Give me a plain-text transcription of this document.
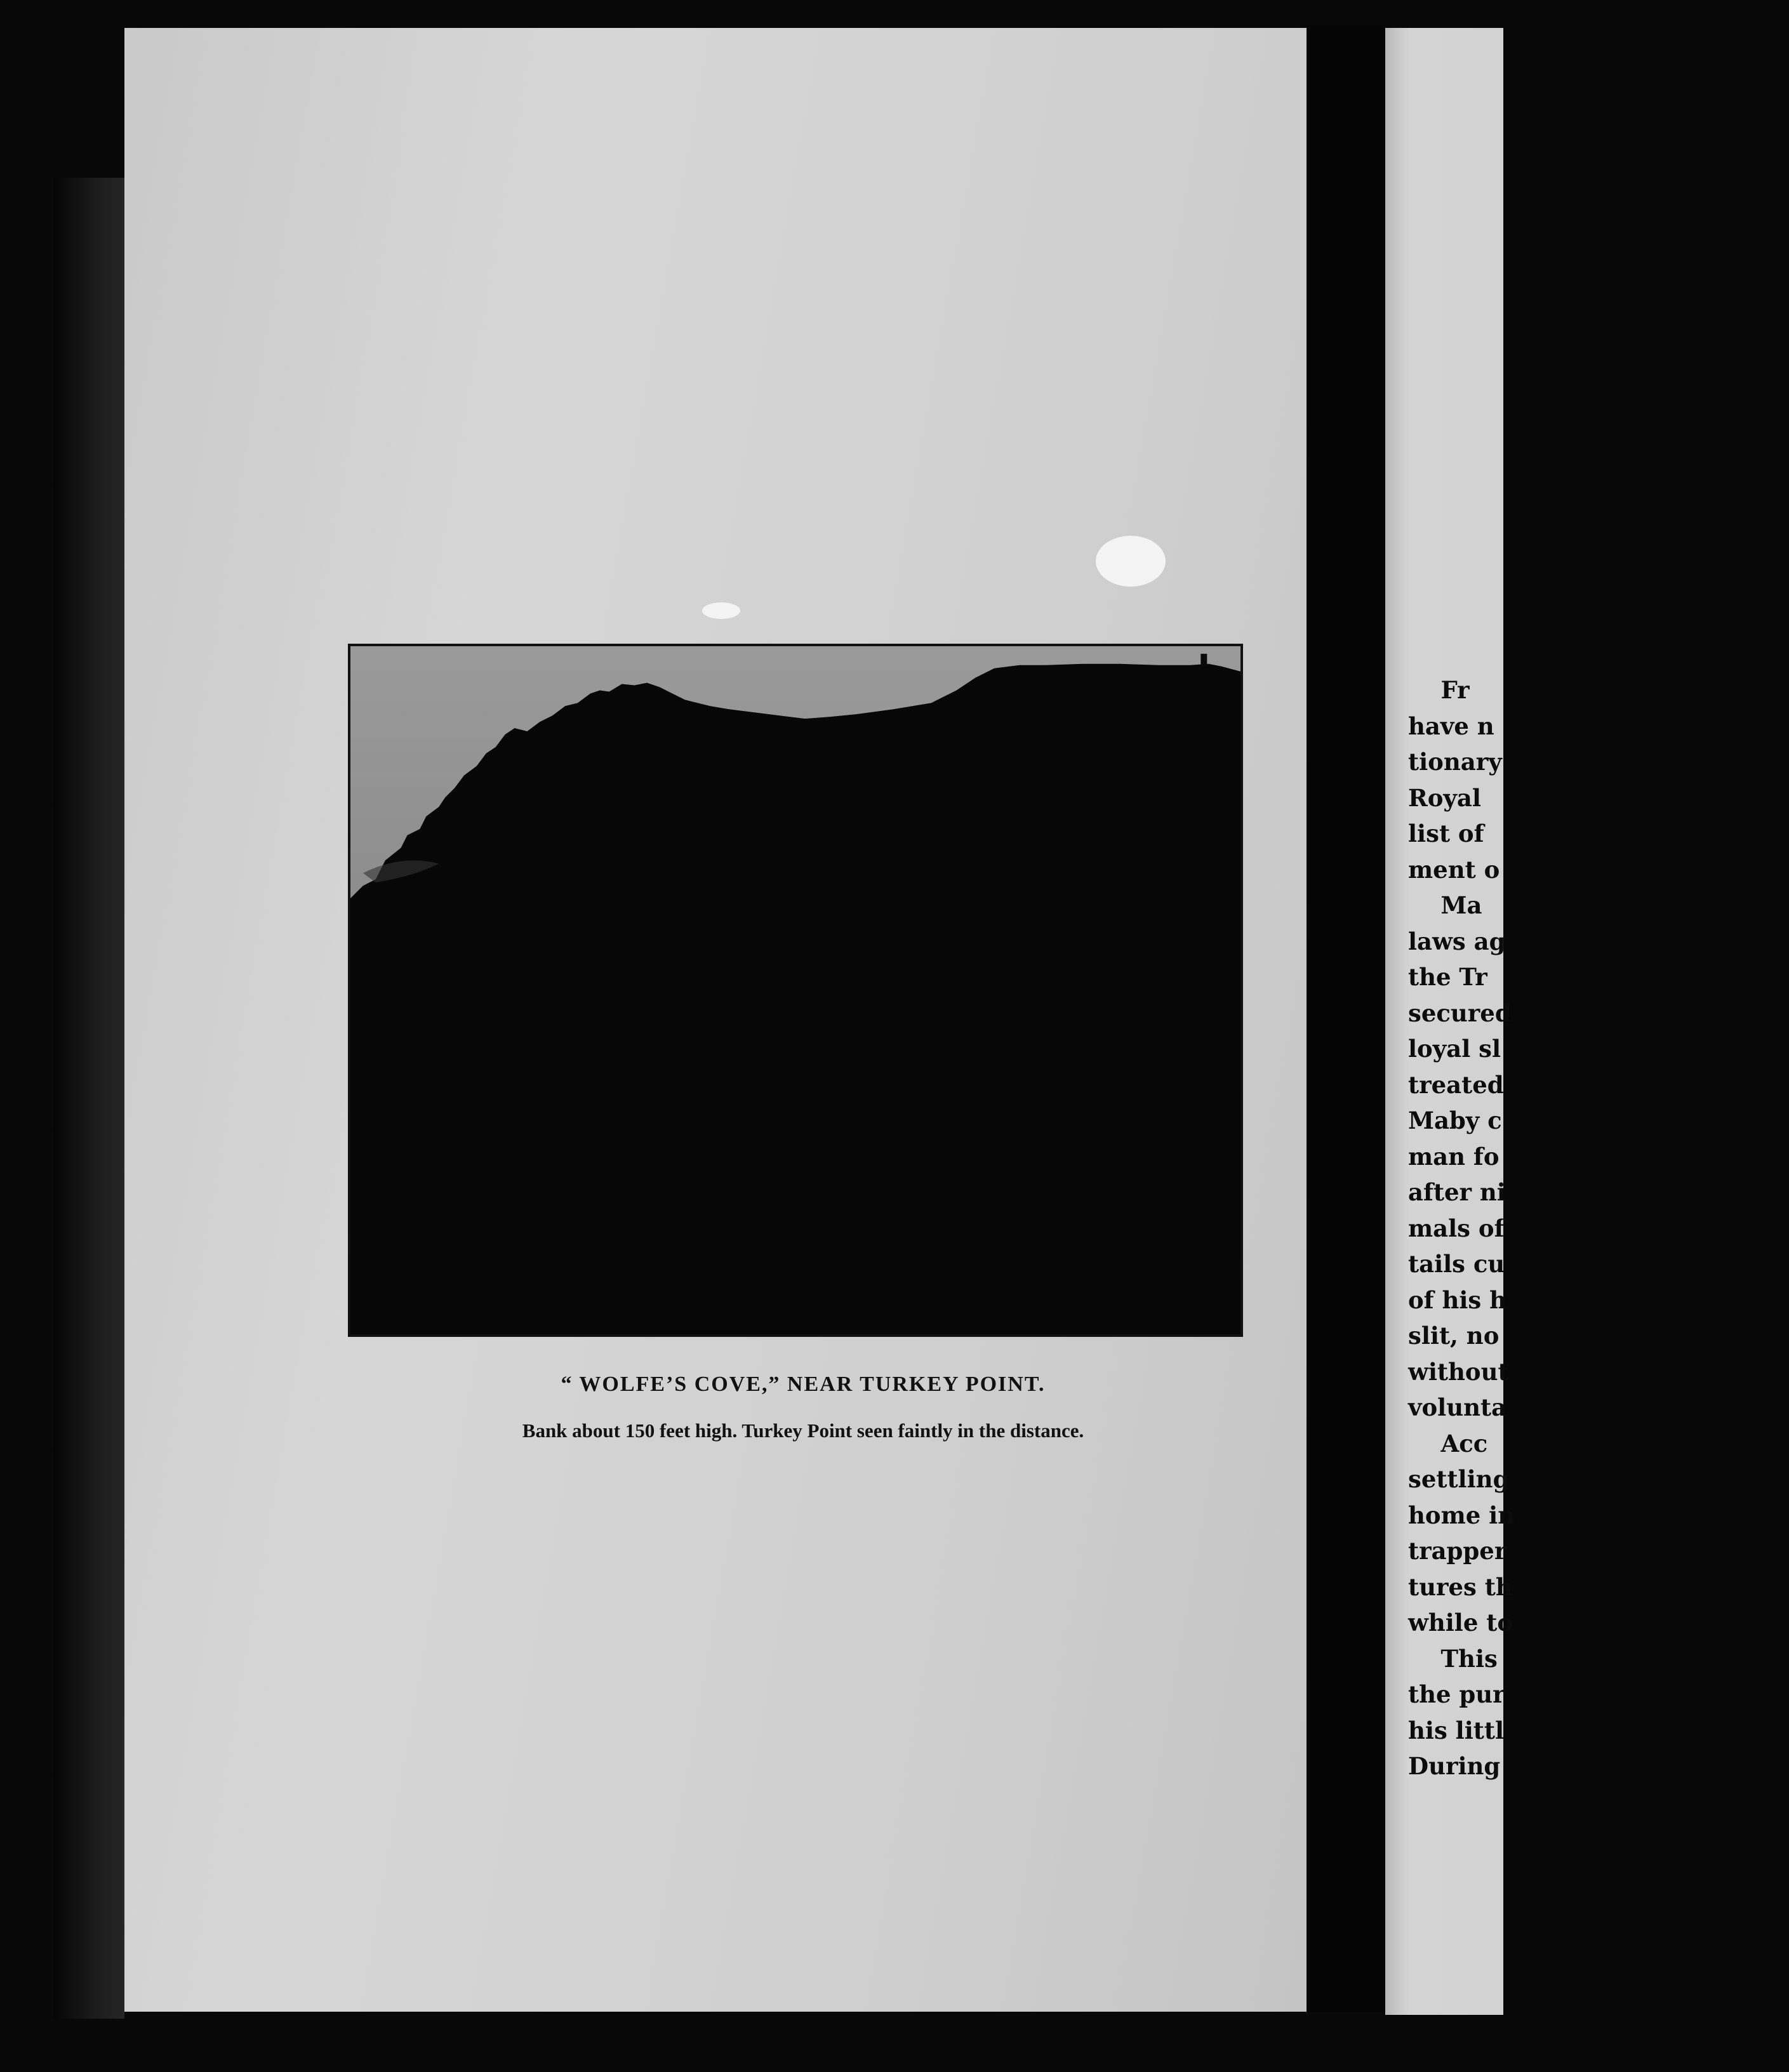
“ WOLFE’S COVE,” NEAR TURKEY POINT.
Bank about 150 feet high. Turkey Point seen faintly in the distance.
Fr
have n
tionary
Royal
list of
ment o
Ma
laws ag
the Tr
secured
loyal sl
treated
Maby c
man fo
after ni
mals of
tails cu
of his h
slit, no
without
volunta
Acc
settling
home in
trapper
tures th
while to
This
the pur
his littl
During
